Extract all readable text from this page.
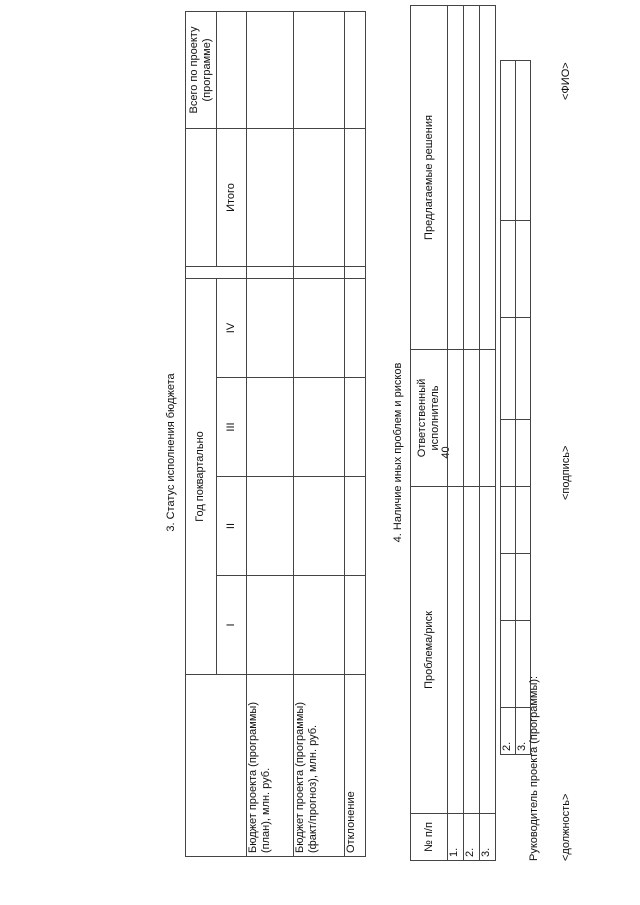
40
2.							
3.							
3. Статус исполнения бюджета
	Год поквартально						Всего по проекту (программе)
	I	II	III	IV		Итого	
Бюджет проекта (программы) (план), млн. руб.							
Бюджет проекта (программы) (факт/прогноз), млн. руб.							
Отклонение							
4. Наличие иных проблем и рисков
№ п/п	Проблема/риск	Ответственный исполнитель	Предлагаемые решения
1.			
2.			
3.				Руководитель проекта (программы): <должность>
<подпись>
<ФИО>
